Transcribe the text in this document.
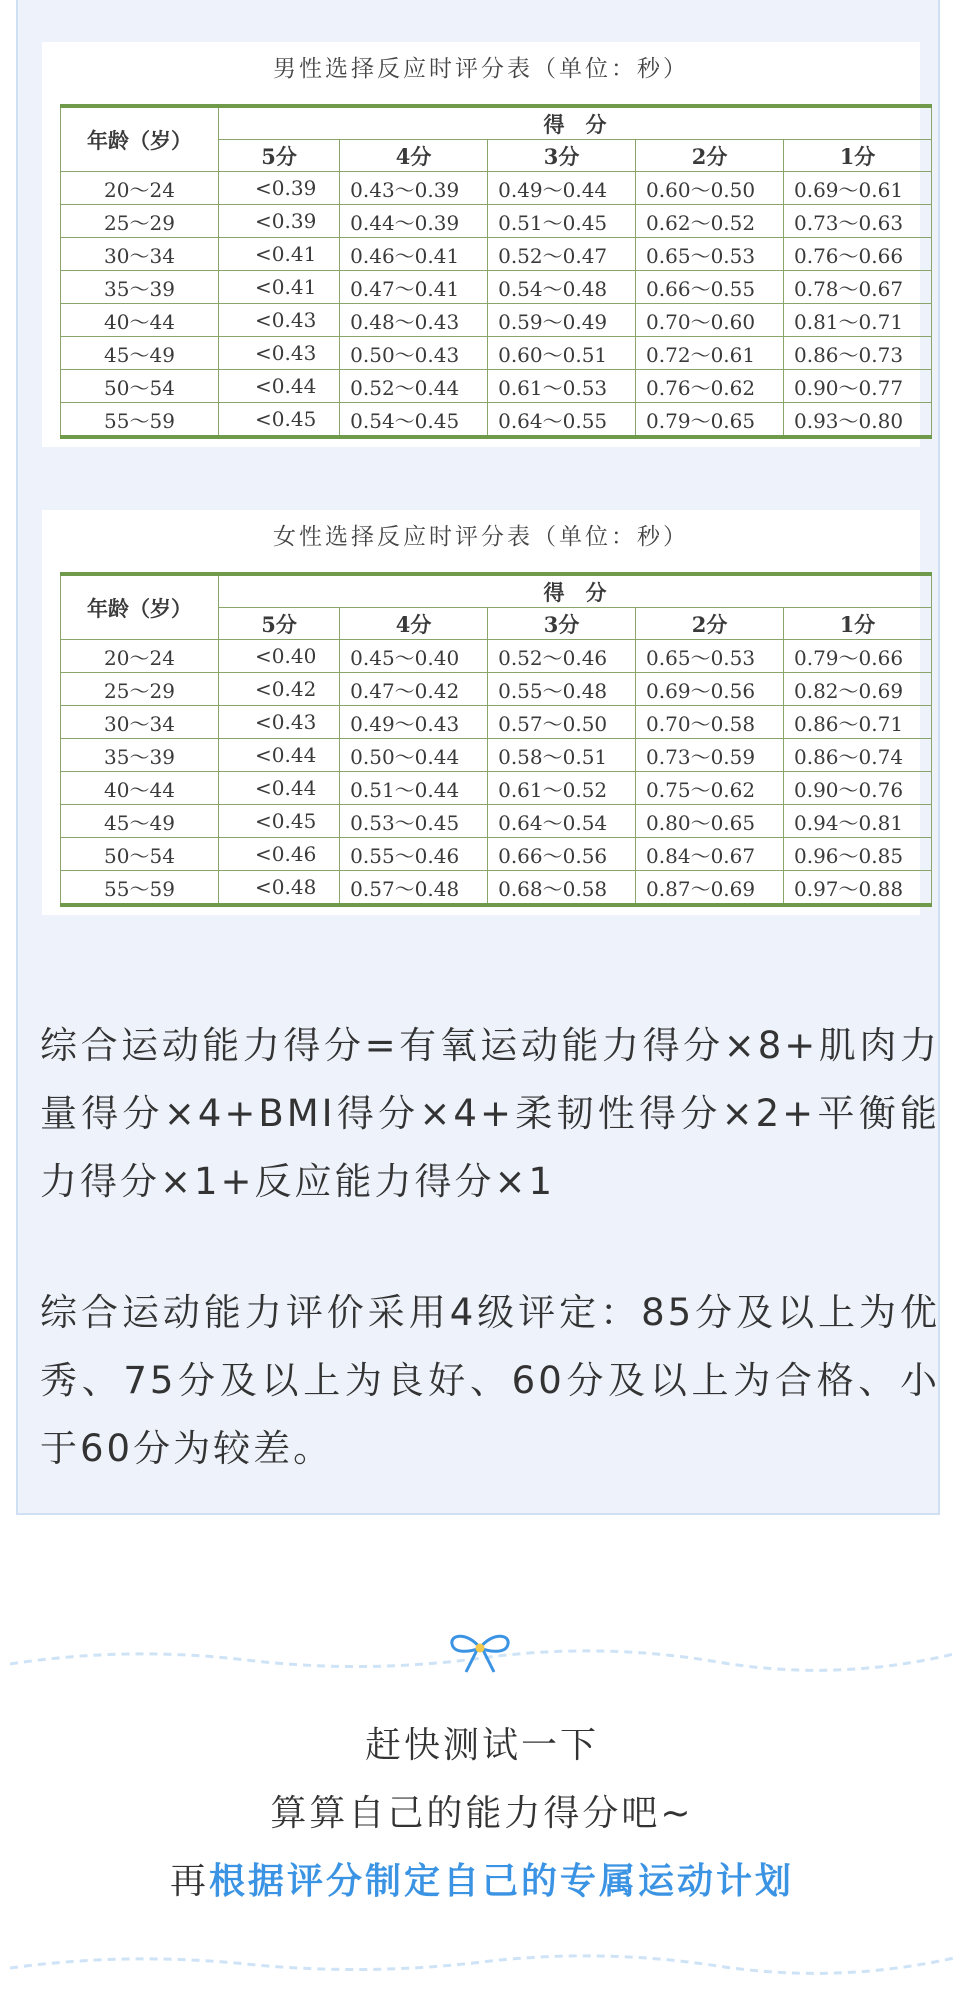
男性选择反应时评分表（单位：秒）
年龄（岁）	得　分				
	5分	4分	3分	2分	1分
20～24	<0.39	0.43～0.39	0.49～0.44	0.60～0.50	0.69～0.61
25～29	<0.39	0.44～0.39	0.51～0.45	0.62～0.52	0.73～0.63
30～34	<0.41	0.46～0.41	0.52～0.47	0.65～0.53	0.76～0.66
35～39	<0.41	0.47～0.41	0.54～0.48	0.66～0.55	0.78～0.67
40～44	<0.43	0.48～0.43	0.59～0.49	0.70～0.60	0.81～0.71
45～49	<0.43	0.50～0.43	0.60～0.51	0.72～0.61	0.86～0.73
50～54	<0.44	0.52～0.44	0.61～0.53	0.76～0.62	0.90～0.77
55～59	<0.45	0.54～0.45	0.64～0.55	0.79～0.65	0.93～0.80
女性选择反应时评分表（单位：秒）
年龄（岁）	得　分				
	5分	4分	3分	2分	1分
20～24	<0.40	0.45～0.40	0.52～0.46	0.65～0.53	0.79～0.66
25～29	<0.42	0.47～0.42	0.55～0.48	0.69～0.56	0.82～0.69
30～34	<0.43	0.49～0.43	0.57～0.50	0.70～0.58	0.86～0.71
35～39	<0.44	0.50～0.44	0.58～0.51	0.73～0.59	0.86～0.74
40～44	<0.44	0.51～0.44	0.61～0.52	0.75～0.62	0.90～0.76
45～49	<0.45	0.53～0.45	0.64～0.54	0.80～0.65	0.94～0.81
50～54	<0.46	0.55～0.46	0.66～0.56	0.84～0.67	0.96～0.85
55～59	<0.48	0.57～0.48	0.68～0.58	0.87～0.69	0.97～0.88
综合运动能力得分=有氧运动能力得分×8+肌肉力量得分×4+BMI得分×4+柔韧性得分×2+平衡能力得分×1+反应能力得分×1
综合运动能力评价采用4级评定：85分及以上为优秀、75分及以上为良好、60分及以上为合格、小于60分为较差。
赶快测试一下
算算自己的能力得分吧~
再根据评分制定自己的专属运动计划
